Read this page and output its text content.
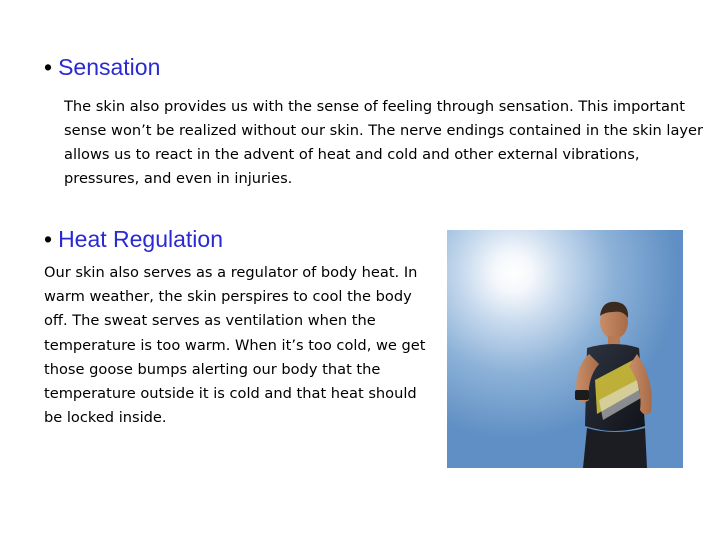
• Sensation

The skin also provides us with the sense of feeling through sensation. This important sense won’t be realized without our skin. The nerve endings contained in the skin layer allows us to react in the advent of heat and cold and other external vibrations, pressures, and even in injuries.

• Heat Regulation

Our skin also serves as a regulator of body heat. In warm weather, the skin perspires to cool the body off. The sweat serves as ventilation when the temperature is too warm. When it’s too cold, we get those goose bumps alerting our body that the temperature outside it is cold and that heat should be locked inside.
